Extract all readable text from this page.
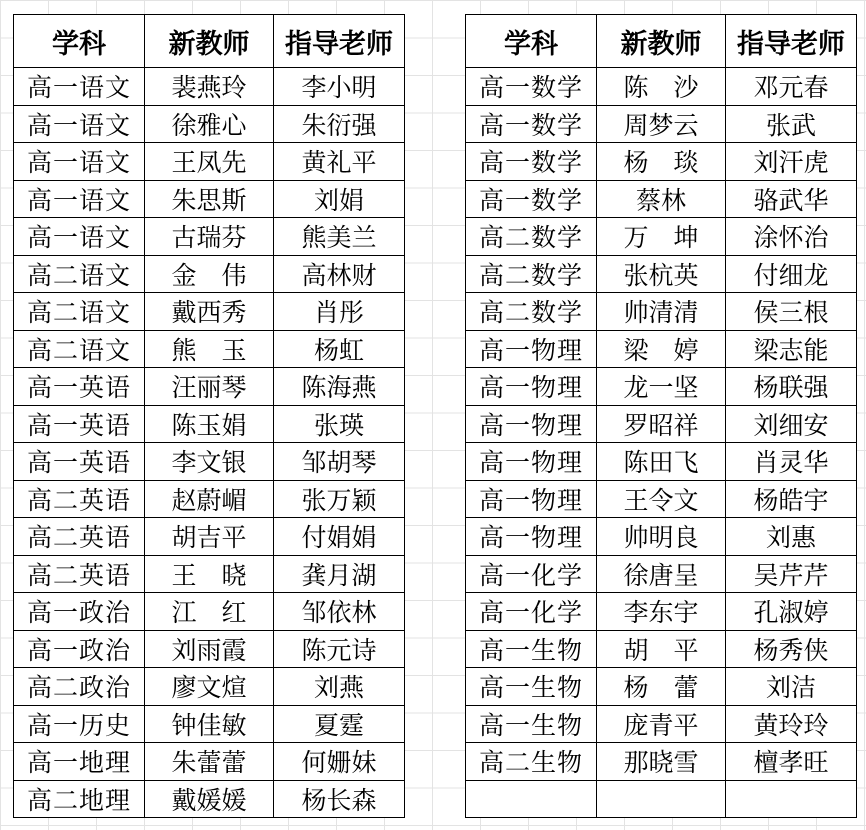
学科	新教师	指导老师
高一语文	裴燕玲	李小明
高一语文	徐雅心	朱衍强
高一语文	王凤先	黄礼平
高一语文	朱思斯	刘娟
高一语文	古瑞芬	熊美兰
高二语文	金　伟	高林财
高二语文	戴西秀	肖彤
高二语文	熊　玉	杨虹
高一英语	汪丽琴	陈海燕
高一英语	陈玉娟	张瑛
高一英语	李文银	邹胡琴
高二英语	赵蔚嵋	张万颖
高二英语	胡吉平	付娟娟
高二英语	王　晓	龚月湖
高一政治	江　红	邹依林
高一政治	刘雨霞	陈元诗
高二政治	廖文煊	刘燕
高一历史	钟佳敏	夏霆
高一地理	朱蕾蕾	何姗妹
高二地理	戴媛媛	杨长森
学科	新教师	指导老师
高一数学	陈　沙	邓元春
高一数学	周梦云	张武
高一数学	杨　琰	刘汗虎
高一数学	蔡林	骆武华
高二数学	万　坤	涂怀治
高二数学	张杭英	付细龙
高二数学	帅清清	侯三根
高一物理	梁　婷	梁志能
高一物理	龙一坚	杨联强
高一物理	罗昭祥	刘细安
高一物理	陈田飞	肖灵华
高一物理	王令文	杨皓宇
高一物理	帅明良	刘惠
高一化学	徐唐呈	吴芹芹
高一化学	李东宇	孔淑婷
高一生物	胡　平	杨秀侠
高一生物	杨　蕾	刘洁
高一生物	庞青平	黄玲玲
高二生物	那晓雪	檀孝旺
